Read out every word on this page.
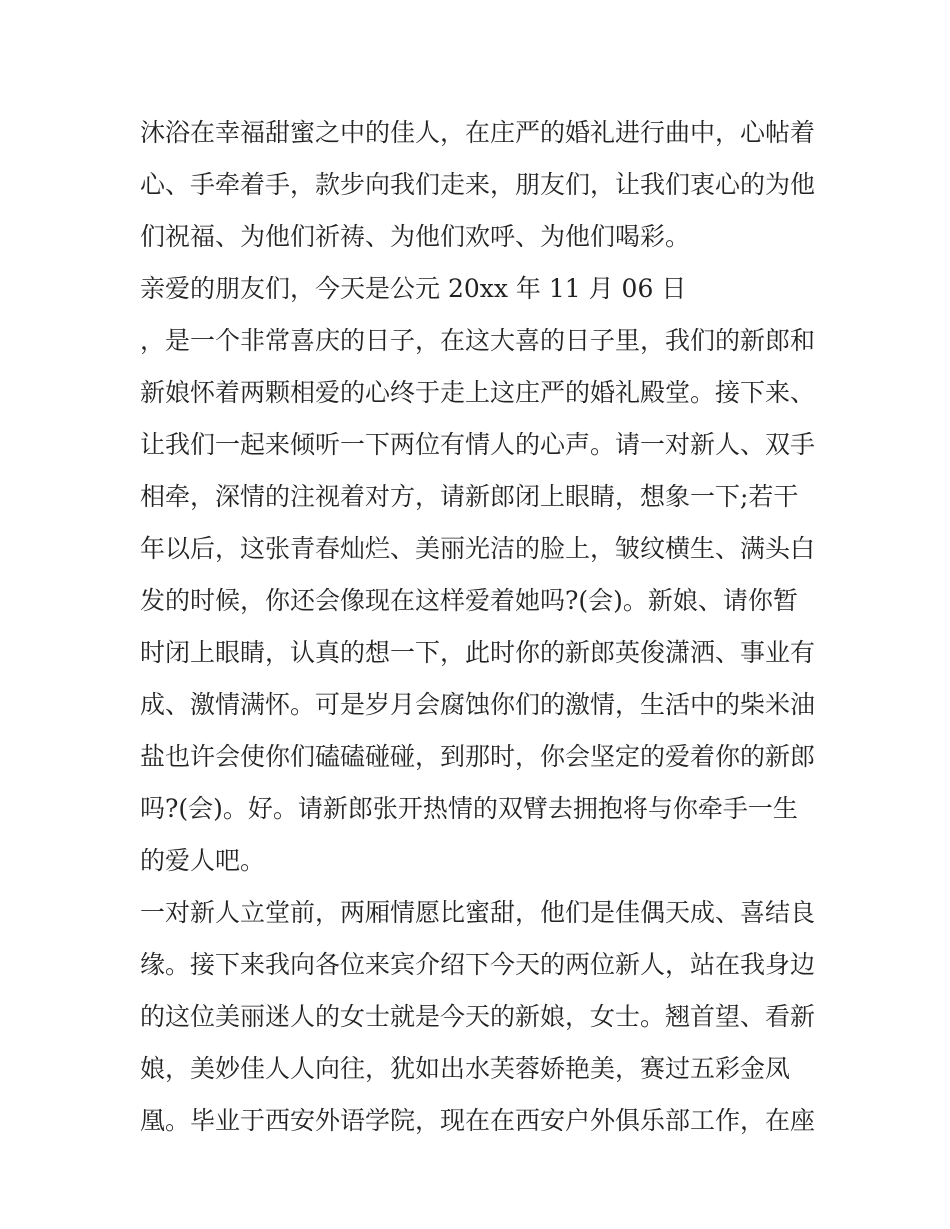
沐浴在幸福甜蜜之中的佳人，在庄严的婚礼进行曲中，心帖着
心、手牵着手，款步向我们走来，朋友们，让我们衷心的为他
们祝福、为他们祈祷、为他们欢呼、为他们喝彩。
亲爱的朋友们，今天是公元 20xx 年 11 月 06 日
，是一个非常喜庆的日子，在这大喜的日子里，我们的新郎和
新娘怀着两颗相爱的心终于走上这庄严的婚礼殿堂。接下来、
让我们一起来倾听一下两位有情人的心声。请一对新人、双手
相牵，深情的注视着对方，请新郎闭上眼睛，想象一下;若干
年以后，这张青春灿烂、美丽光洁的脸上，皱纹横生、满头白
发的时候，你还会像现在这样爱着她吗?(会)。新娘、请你暂
时闭上眼睛，认真的想一下，此时你的新郎英俊潇洒、事业有
成、激情满怀。可是岁月会腐蚀你们的激情，生活中的柴米油
盐也许会使你们磕磕碰碰，到那时，你会坚定的爱着你的新郎
吗?(会)。好。请新郎张开热情的双臂去拥抱将与你牵手一生
的爱人吧。
一对新人立堂前，两厢情愿比蜜甜，他们是佳偶天成、喜结良
缘。接下来我向各位来宾介绍下今天的两位新人，站在我身边
的这位美丽迷人的女士就是今天的新娘，女士。翘首望、看新
娘，美妙佳人人向往，犹如出水芙蓉娇艳美，赛过五彩金凤
凰。毕业于西安外语学院，现在在西安户外俱乐部工作，在座
